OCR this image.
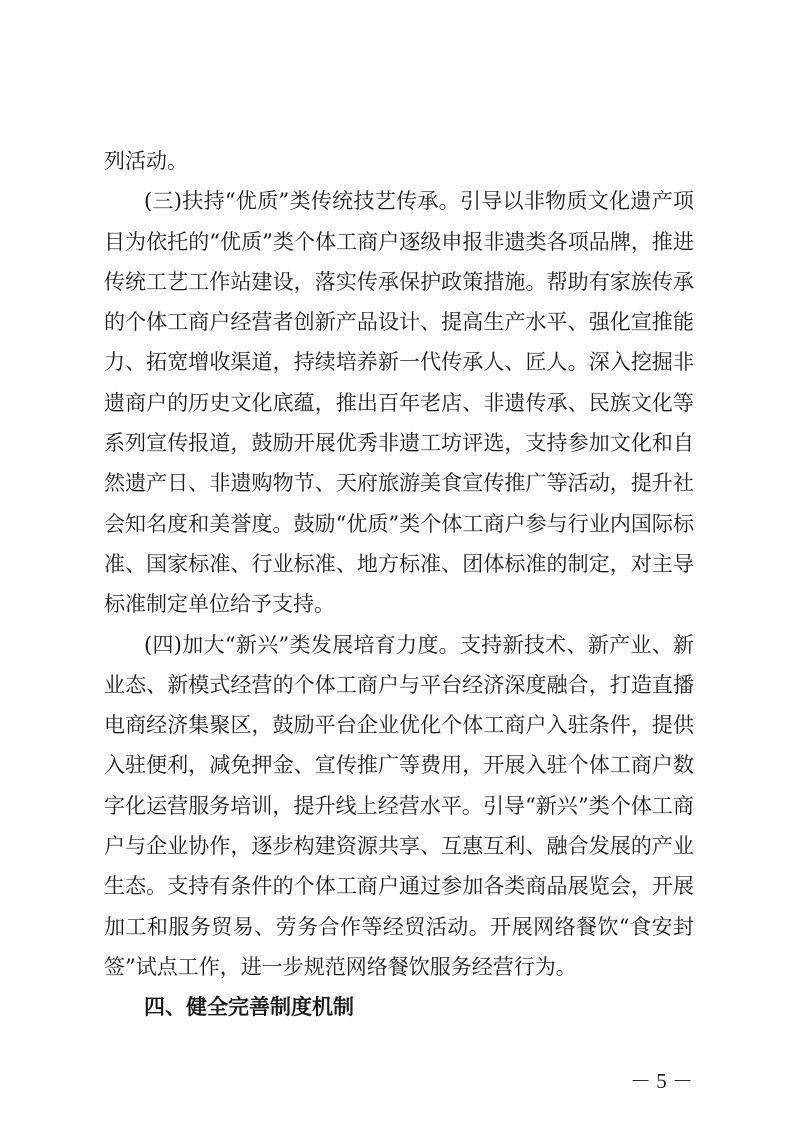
列活动。
(三)扶持“优质”类传统技艺传承。引导以非物质文化遗产项
目为依托的“优质”类个体工商户逐级申报非遗类各项品牌，推进
传统工艺工作站建设，落实传承保护政策措施。帮助有家族传承
的个体工商户经营者创新产品设计、提高生产水平、强化宣推能
力、拓宽增收渠道，持续培养新一代传承人、匠人。深入挖掘非
遗商户的历史文化底蕴，推出百年老店、非遗传承、民族文化等
系列宣传报道，鼓励开展优秀非遗工坊评选，支持参加文化和自
然遗产日、非遗购物节、天府旅游美食宣传推广等活动，提升社
会知名度和美誉度。鼓励“优质”类个体工商户参与行业内国际标
准、国家标准、行业标准、地方标准、团体标准的制定，对主导
标准制定单位给予支持。
(四)加大“新兴”类发展培育力度。支持新技术、新产业、新
业态、新模式经营的个体工商户与平台经济深度融合，打造直播
电商经济集聚区，鼓励平台企业优化个体工商户入驻条件，提供
入驻便利，减免押金、宣传推广等费用，开展入驻个体工商户数
字化运营服务培训，提升线上经营水平。引导“新兴”类个体工商
户与企业协作，逐步构建资源共享、互惠互利、融合发展的产业
生态。支持有条件的个体工商户通过参加各类商品展览会，开展
加工和服务贸易、劳务合作等经贸活动。开展网络餐饮“食安封
签”试点工作，进一步规范网络餐饮服务经营行为。
四、健全完善制度机制
－ 5 －
